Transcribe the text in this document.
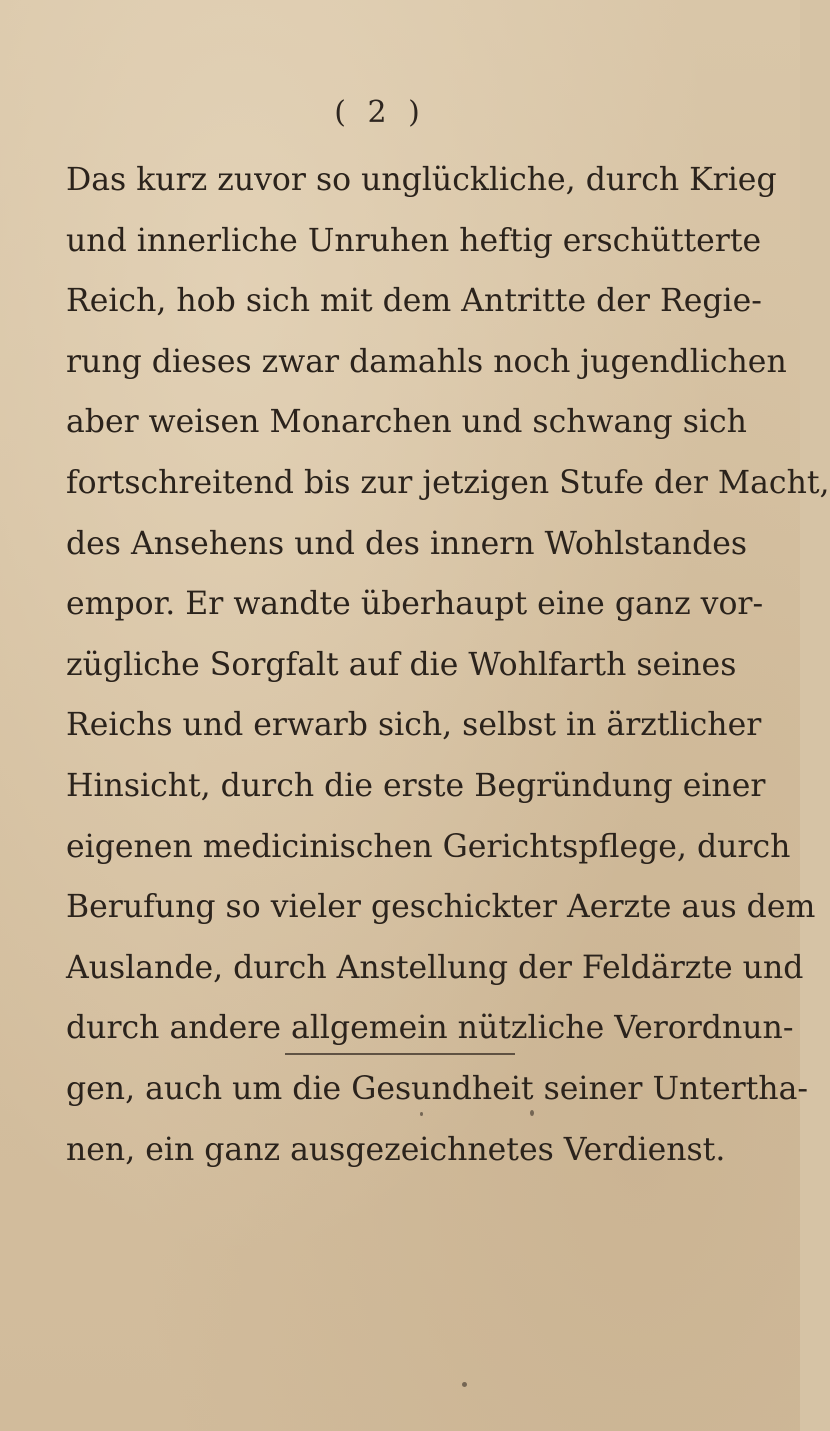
( 2 )
Das kurz zuvor so unglückliche, durch Krieg
und innerliche Unruhen heftig erschütterte
Reich, hob sich mit dem Antritte der Regie-
rung dieses zwar damahls noch jugendlichen
aber weisen Monarchen und schwang sich
fortschreitend bis zur jetzigen Stufe der Macht,
des Ansehens und des innern Wohlstandes
empor. Er wandte überhaupt eine ganz vor-
zügliche Sorgfalt auf die Wohlfarth seines
Reichs und erwarb sich, selbst in ärztlicher
Hinsicht, durch die erste Begründung einer
eigenen medicinischen Gerichtspflege, durch
Berufung so vieler geschickter Aerzte aus dem
Auslande, durch Anstellung der Feldärzte und
durch andere allgemein nützliche Verordnun-
gen, auch um die Gesundheit seiner Untertha-
nen, ein ganz ausgezeichnetes Verdienst.
